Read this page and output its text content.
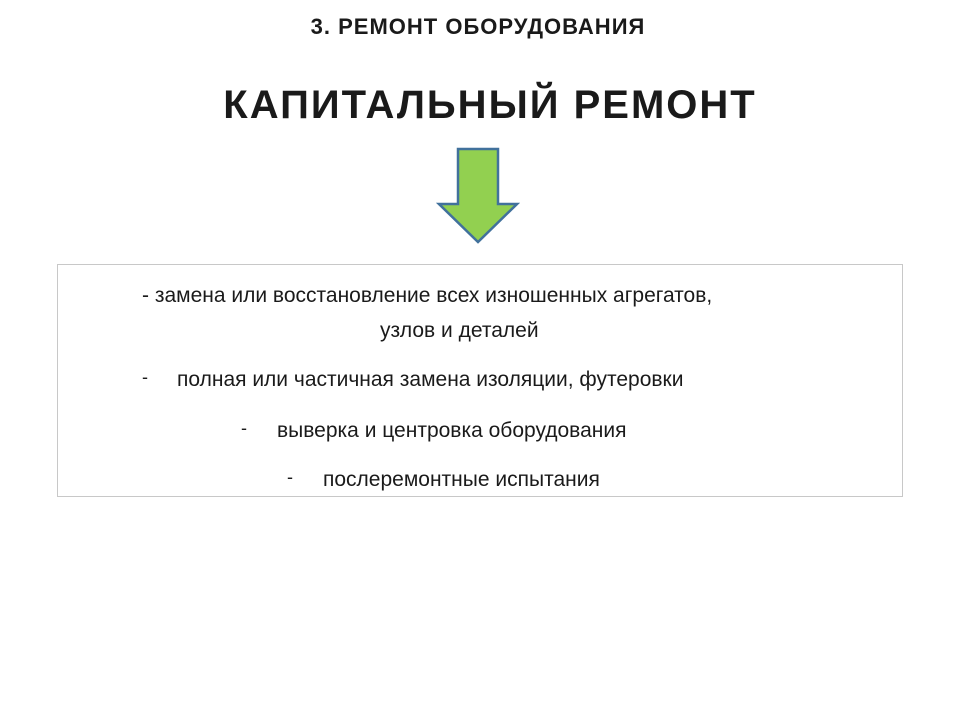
3. РЕМОНТ ОБОРУДОВАНИЯ
КАПИТАЛЬНЫЙ РЕМОНТ
- замена или восстановление всех изношенных агрегатов,
узлов и деталей
- полная или частичная замена изоляции, футеровки
- выверка и центровка оборудования
- послеремонтные испытания
